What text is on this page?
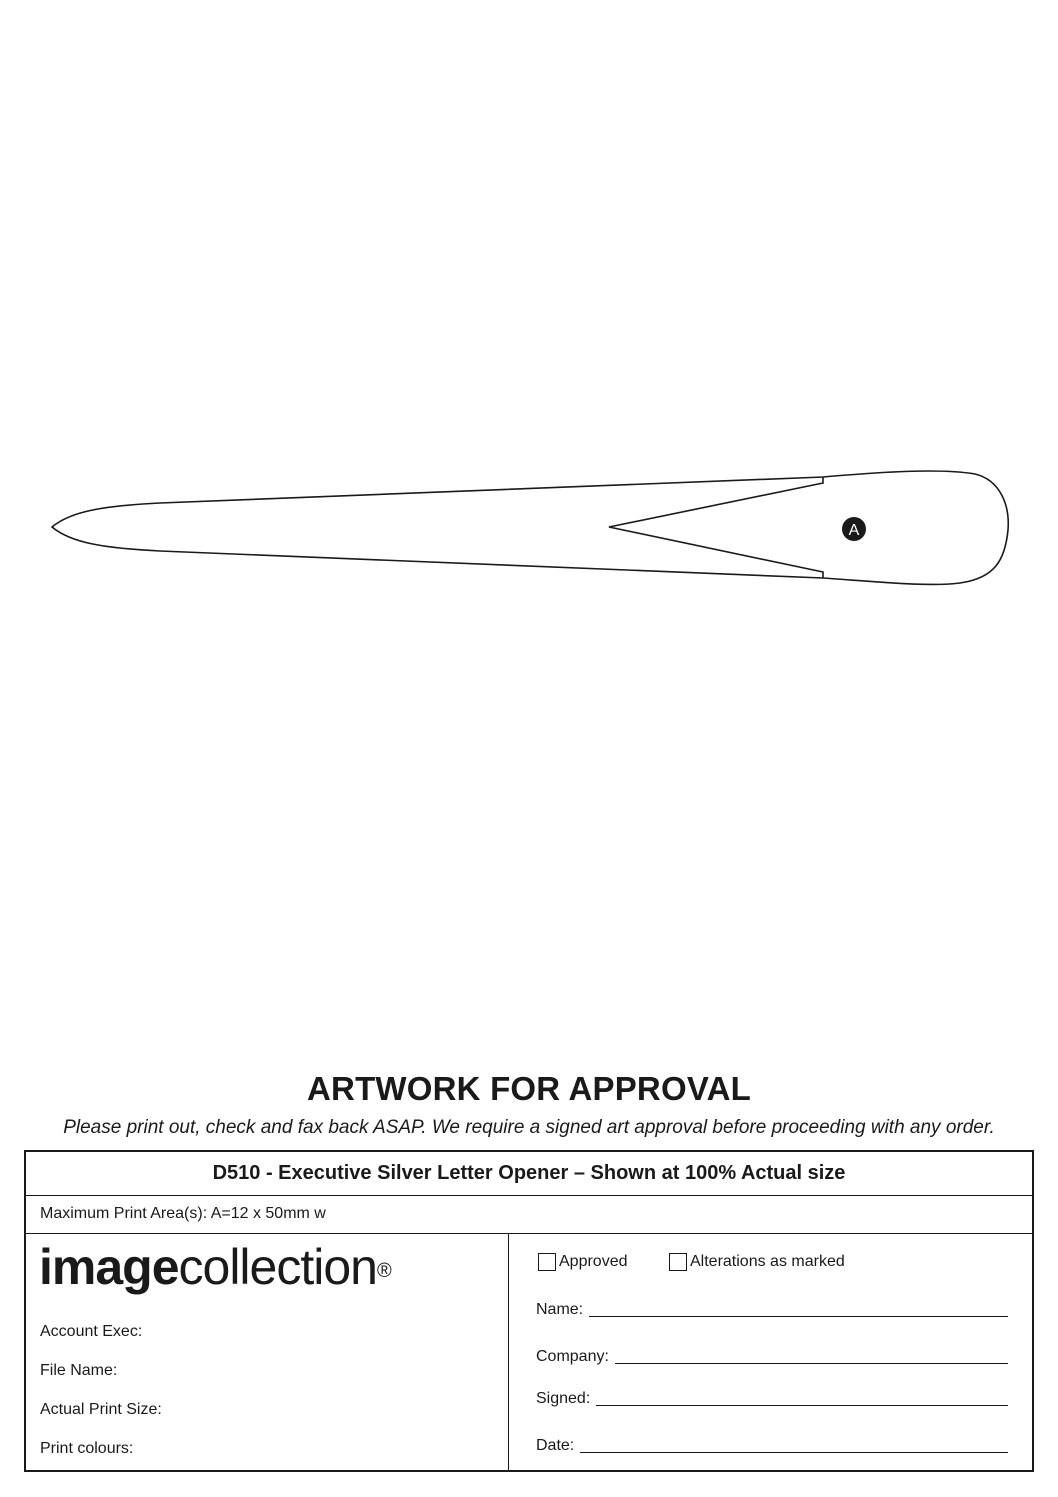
A
ARTWORK FOR APPROVAL
Please print out, check and fax back ASAP. We require a signed art approval before proceeding with any order.
D510 - Executive Silver Letter Opener – Shown at 100% Actual size
Maximum Print Area(s): A=12 x 50mm w
imagecollection®
Account Exec:
File Name:
Actual Print Size:
Print colours:
Approved	Alterations as marked
Name:
Company:
Signed:
Date:
